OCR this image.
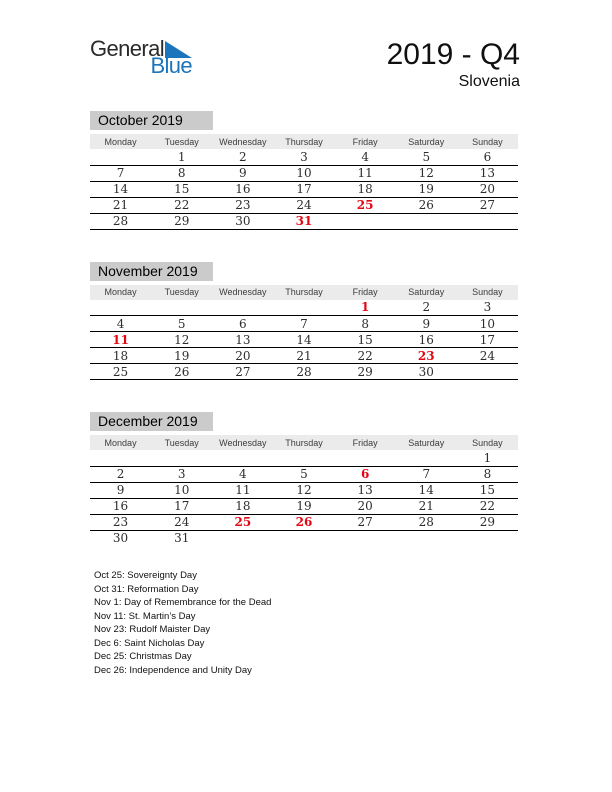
General
Blue	2019 - Q4
Slovenia
October 2019
Monday	Tuesday	Wednesday	Thursday	Friday	Saturday	Sunday
	1	2	3	4	5	6
7	8	9	10	11	12	13
14	15	16	17	18	19	20
21	22	23	24	25	26	27
28	29	30	31			
November 2019
Monday	Tuesday	Wednesday	Thursday	Friday	Saturday	Sunday
				1	2	3
4	5	6	7	8	9	10
11	12	13	14	15	16	17
18	19	20	21	22	23	24
25	26	27	28	29	30	
December 2019
Monday	Tuesday	Wednesday	Thursday	Friday	Saturday	Sunday
						1
2	3	4	5	6	7	8
9	10	11	12	13	14	15
16	17	18	19	20	21	22
23	24	25	26	27	28	29
30	31					
Oct 25: Sovereignty Day
Oct 31: Reformation Day
Nov 1: Day of Remembrance for the Dead
Nov 11: St. Martin’s Day
Nov 23: Rudolf Maister Day
Dec 6: Saint Nicholas Day
Dec 25: Christmas Day
Dec 26: Independence and Unity Day
